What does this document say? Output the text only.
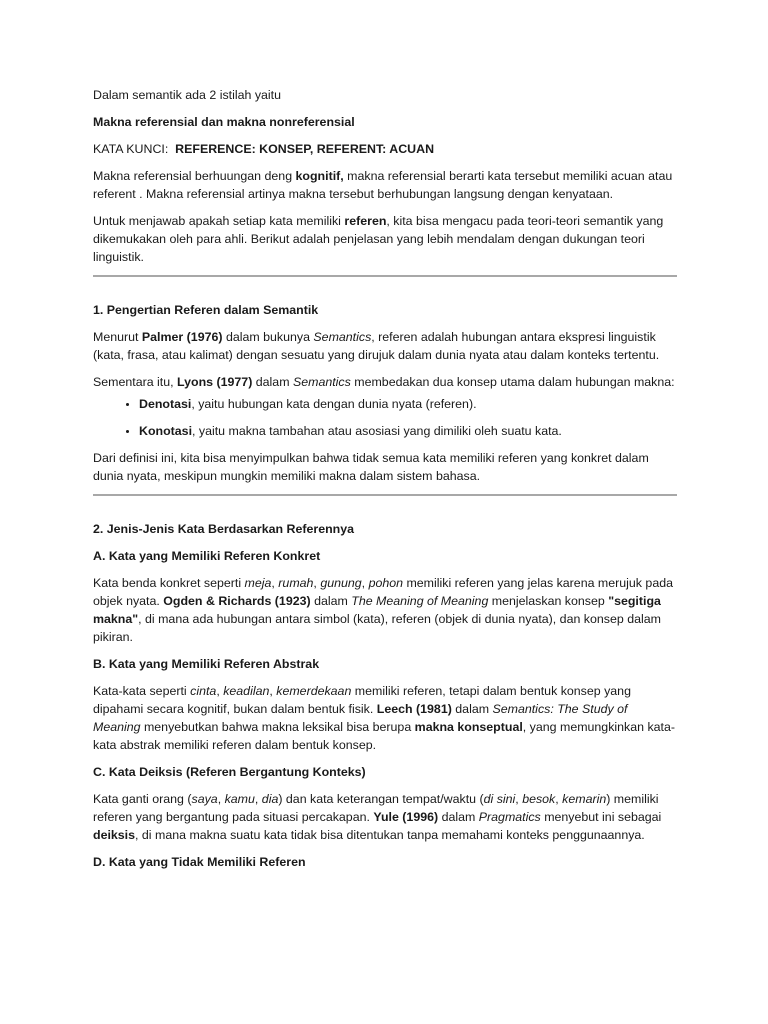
Dalam semantik ada 2 istilah yaitu

Makna referensial dan makna nonreferensial

KATA KUNCI:  REFERENCE: KONSEP, REFERENT: ACUAN

Makna referensial berhuungan deng kognitif, makna referensial berarti kata tersebut memiliki acuan atau referent . Makna referensial artinya makna tersebut berhubungan langsung dengan kenyataan.

Untuk menjawab apakah setiap kata memiliki referen, kita bisa mengacu pada teori-teori semantik yang dikemukakan oleh para ahli. Berikut adalah penjelasan yang lebih mendalam dengan dukungan teori linguistik.

1. Pengertian Referen dalam Semantik

Menurut Palmer (1976) dalam bukunya Semantics, referen adalah hubungan antara ekspresi linguistik (kata, frasa, atau kalimat) dengan sesuatu yang dirujuk dalam dunia nyata atau dalam konteks tertentu.

Sementara itu, Lyons (1977) dalam Semantics membedakan dua konsep utama dalam hubungan makna:

• Denotasi, yaitu hubungan kata dengan dunia nyata (referen).
• Konotasi, yaitu makna tambahan atau asosiasi yang dimiliki oleh suatu kata.

Dari definisi ini, kita bisa menyimpulkan bahwa tidak semua kata memiliki referen yang konkret dalam dunia nyata, meskipun mungkin memiliki makna dalam sistem bahasa.

2. Jenis-Jenis Kata Berdasarkan Referennya

A. Kata yang Memiliki Referen Konkret

Kata benda konkret seperti meja, rumah, gunung, pohon memiliki referen yang jelas karena merujuk pada objek nyata. Ogden & Richards (1923) dalam The Meaning of Meaning menjelaskan konsep "segitiga makna", di mana ada hubungan antara simbol (kata), referen (objek di dunia nyata), dan konsep dalam pikiran.

B. Kata yang Memiliki Referen Abstrak

Kata-kata seperti cinta, keadilan, kemerdekaan memiliki referen, tetapi dalam bentuk konsep yang dipahami secara kognitif, bukan dalam bentuk fisik. Leech (1981) dalam Semantics: The Study of Meaning menyebutkan bahwa makna leksikal bisa berupa makna konseptual, yang memungkinkan kata-kata abstrak memiliki referen dalam bentuk konsep.

C. Kata Deiksis (Referen Bergantung Konteks)

Kata ganti orang (saya, kamu, dia) dan kata keterangan tempat/waktu (di sini, besok, kemarin) memiliki referen yang bergantung pada situasi percakapan. Yule (1996) dalam Pragmatics menyebut ini sebagai deiksis, di mana makna suatu kata tidak bisa ditentukan tanpa memahami konteks penggunaannya.

D. Kata yang Tidak Memiliki Referen
